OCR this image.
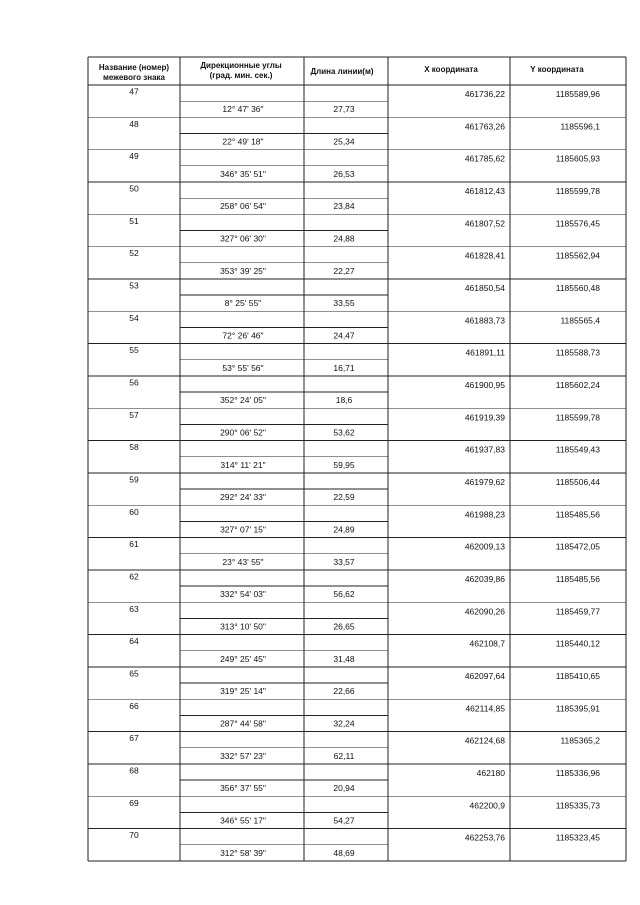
Название (номер)
межевого знака
Дирекционные углы
(град. мин. сек.)	Длина линии(м)	X координата	Y координата
47	461736,22	1185589,96
12° 47' 36"	27,73
48	461763,26	1185596,1
22° 49' 18"	25,34
49	461785,62	1185605,93
346° 35' 51"	26,53
50	461812,43	1185599,78
258° 06' 54"	23,84
51	461807,52	1185576,45
327° 06' 30"	24,88
52	461828,41	1185562,94
353° 39' 25"	22,27
53	461850,54	1185560,48
8° 25' 55"	33,55
54	461883,73	1185565,4
72° 26' 46"	24,47
55	461891,11	1185588,73
53° 55' 56"	16,71
56	461900,95	1185602,24
352° 24' 05"	18,6
57	461919,39	1185599,78
290° 06' 52"	53,62
58	461937,83	1185549,43
314° 11' 21"	59,95
59	461979,62	1185506,44
292° 24' 33"	22,59
60	461988,23	1185485,56
327° 07' 15"	24,89
61	462009,13	1185472,05
23° 43' 55"	33,57
62	462039,86	1185485,56
332° 54' 03"	56,62
63	462090,26	1185459,77
313° 10' 50"	26,65
64	462108,7	1185440,12
249° 25' 45"	31,48
65	462097,64	1185410,65
319° 25' 14"	22,66
66	462114,85	1185395,91
287° 44' 58"	32,24
67	462124,68	1185365,2
332° 57' 23"	62,11
68	462180	1185336,96
356° 37' 55"	20,94
69	462200,9	1185335,73
346° 55' 17"	54,27
70	462253,76	1185323,45
312° 58' 39"	48,69
